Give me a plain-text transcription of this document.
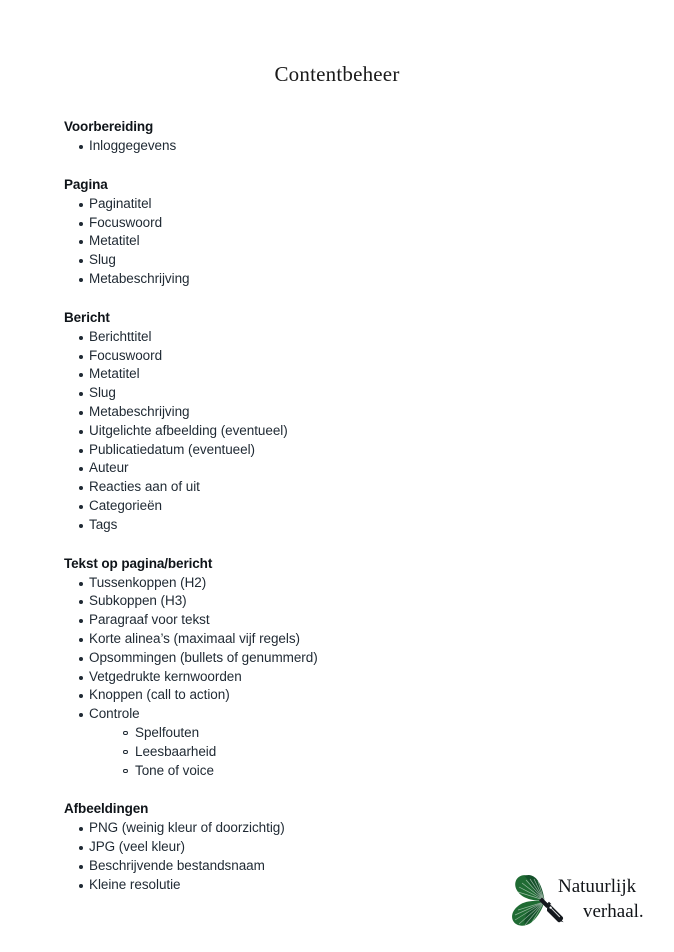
Contentbeheer
Voorbereiding
Inloggegevens
Pagina
Paginatitel
Focuswoord
Metatitel
Slug
Metabeschrijving
Bericht
Berichttitel
Focuswoord
Metatitel
Slug
Metabeschrijving
Uitgelichte afbeelding (eventueel)
Publicatiedatum (eventueel)
Auteur
Reacties aan of uit
Categorieën
Tags
Tekst op pagina/bericht
Tussenkoppen (H2)
Subkoppen (H3)
Paragraaf voor tekst
Korte alinea’s (maximaal vijf regels)
Opsommingen (bullets of genummerd)
Vetgedrukte kernwoorden
Knoppen (call to action)
Controle
Spelfouten
Leesbaarheid
Tone of voice
Afbeeldingen
PNG (weinig kleur of doorzichtig)
JPG (veel kleur)
Beschrijvende bestandsnaam
Kleine resolutie	Natuurlijk
verhaal.
